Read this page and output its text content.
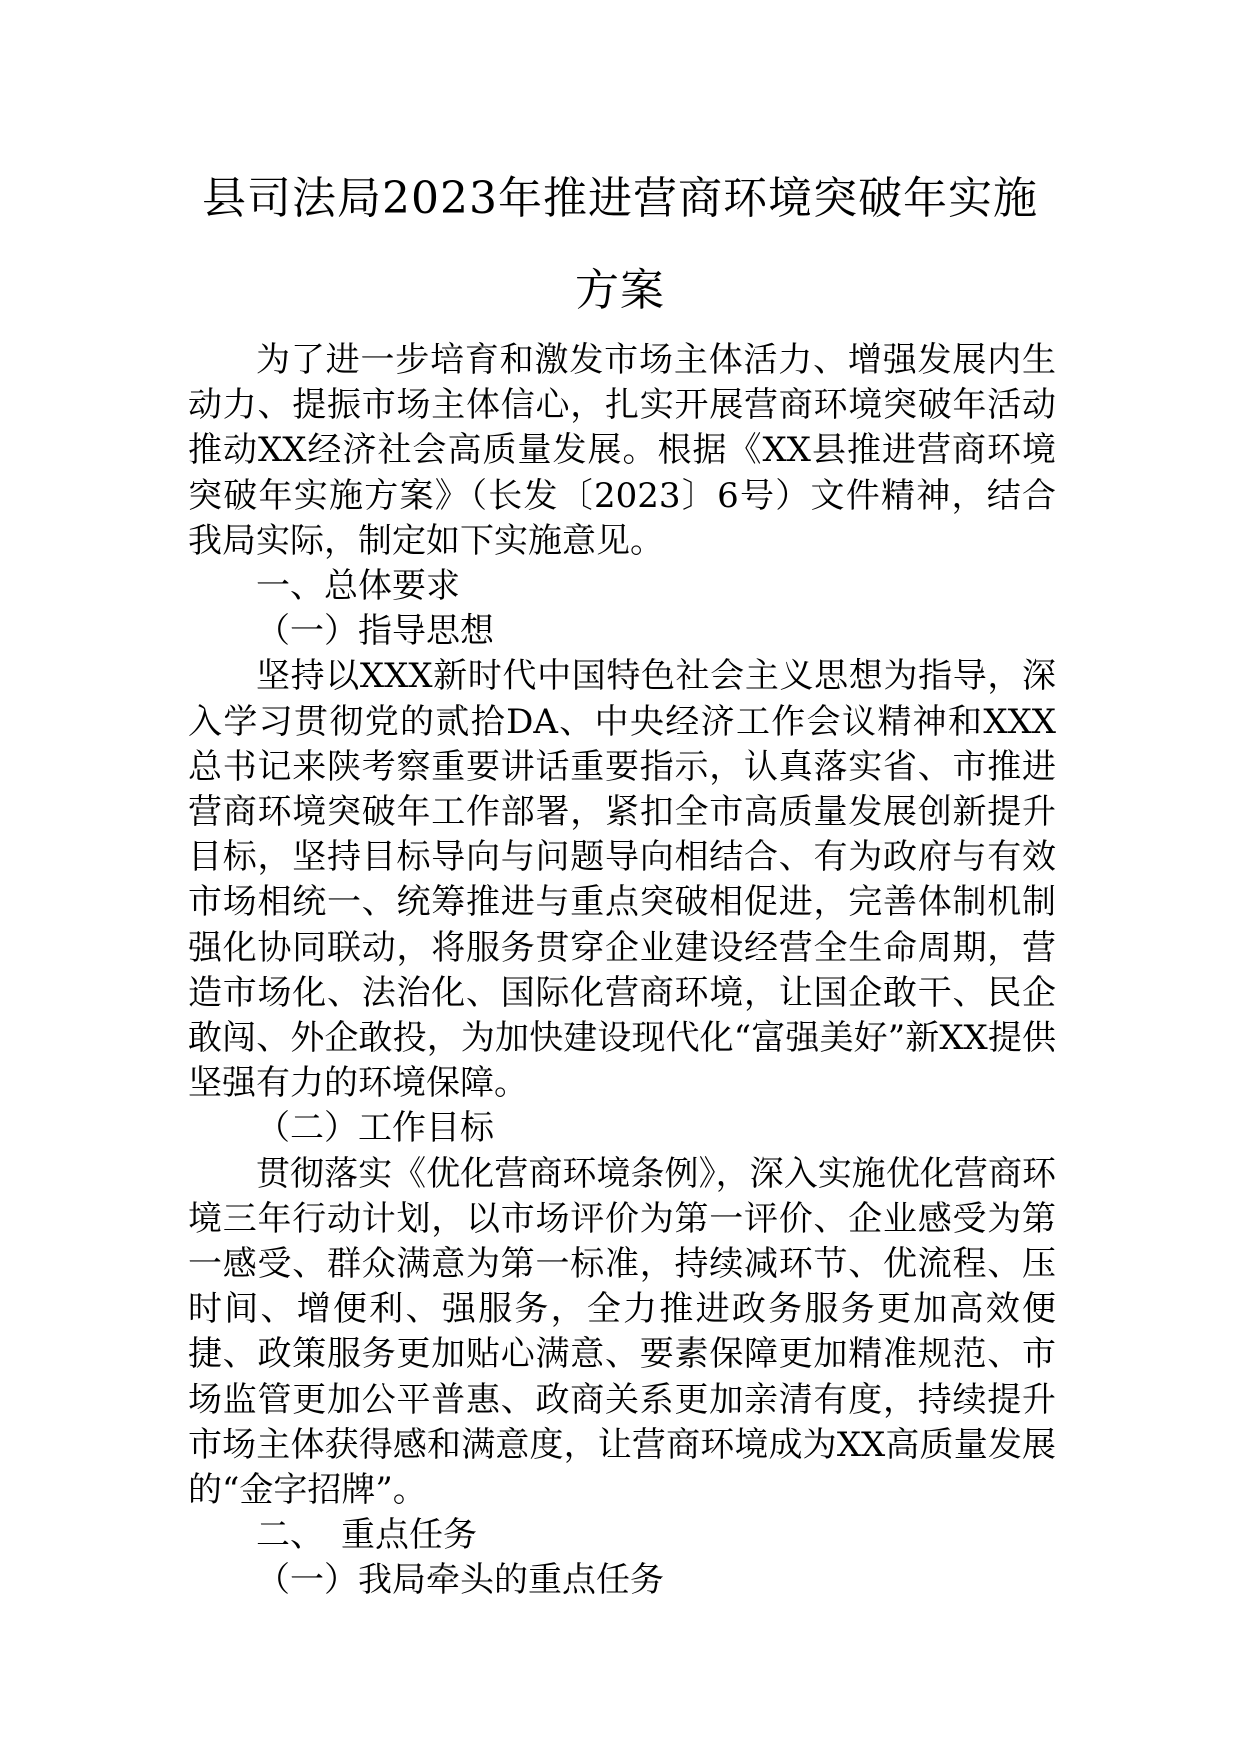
县司法局2023年推进营商环境突破年实施
方案

为了进一步培育和激发市场主体活力、增强发展内生动力、提振市场主体信心，扎实开展营商环境突破年活动推动XX经济社会高质量发展。根据《XX县推进营商环境突破年实施方案》（长发〔2023〕6号）文件精神，结合我局实际，制定如下实施意见。

一、总体要求

（一）指导思想

坚持以XXX新时代中国特色社会主义思想为指导，深入学习贯彻党的贰拾DA、中央经济工作会议精神和XXX总书记来陕考察重要讲话重要指示，认真落实省、市推进营商环境突破年工作部署，紧扣全市高质量发展创新提升目标，坚持目标导向与问题导向相结合、有为政府与有效市场相统一、统筹推进与重点突破相促进，完善体制机制强化协同联动，将服务贯穿企业建设经营全生命周期，营造市场化、法治化、国际化营商环境，让国企敢干、民企敢闯、外企敢投，为加快建设现代化“富强美好”新XX提供坚强有力的环境保障。

（二）工作目标

贯彻落实《优化营商环境条例》，深入实施优化营商环境三年行动计划，以市场评价为第一评价、企业感受为第一感受、群众满意为第一标准，持续减环节、优流程、压时间、增便利、强服务，全力推进政务服务更加高效便捷、政策服务更加贴心满意、要素保障更加精准规范、市场监管更加公平普惠、政商关系更加亲清有度，持续提升市场主体获得感和满意度，让营商环境成为XX高质量发展的“金字招牌”。

二、　重点任务

（一）我局牵头的重点任务
